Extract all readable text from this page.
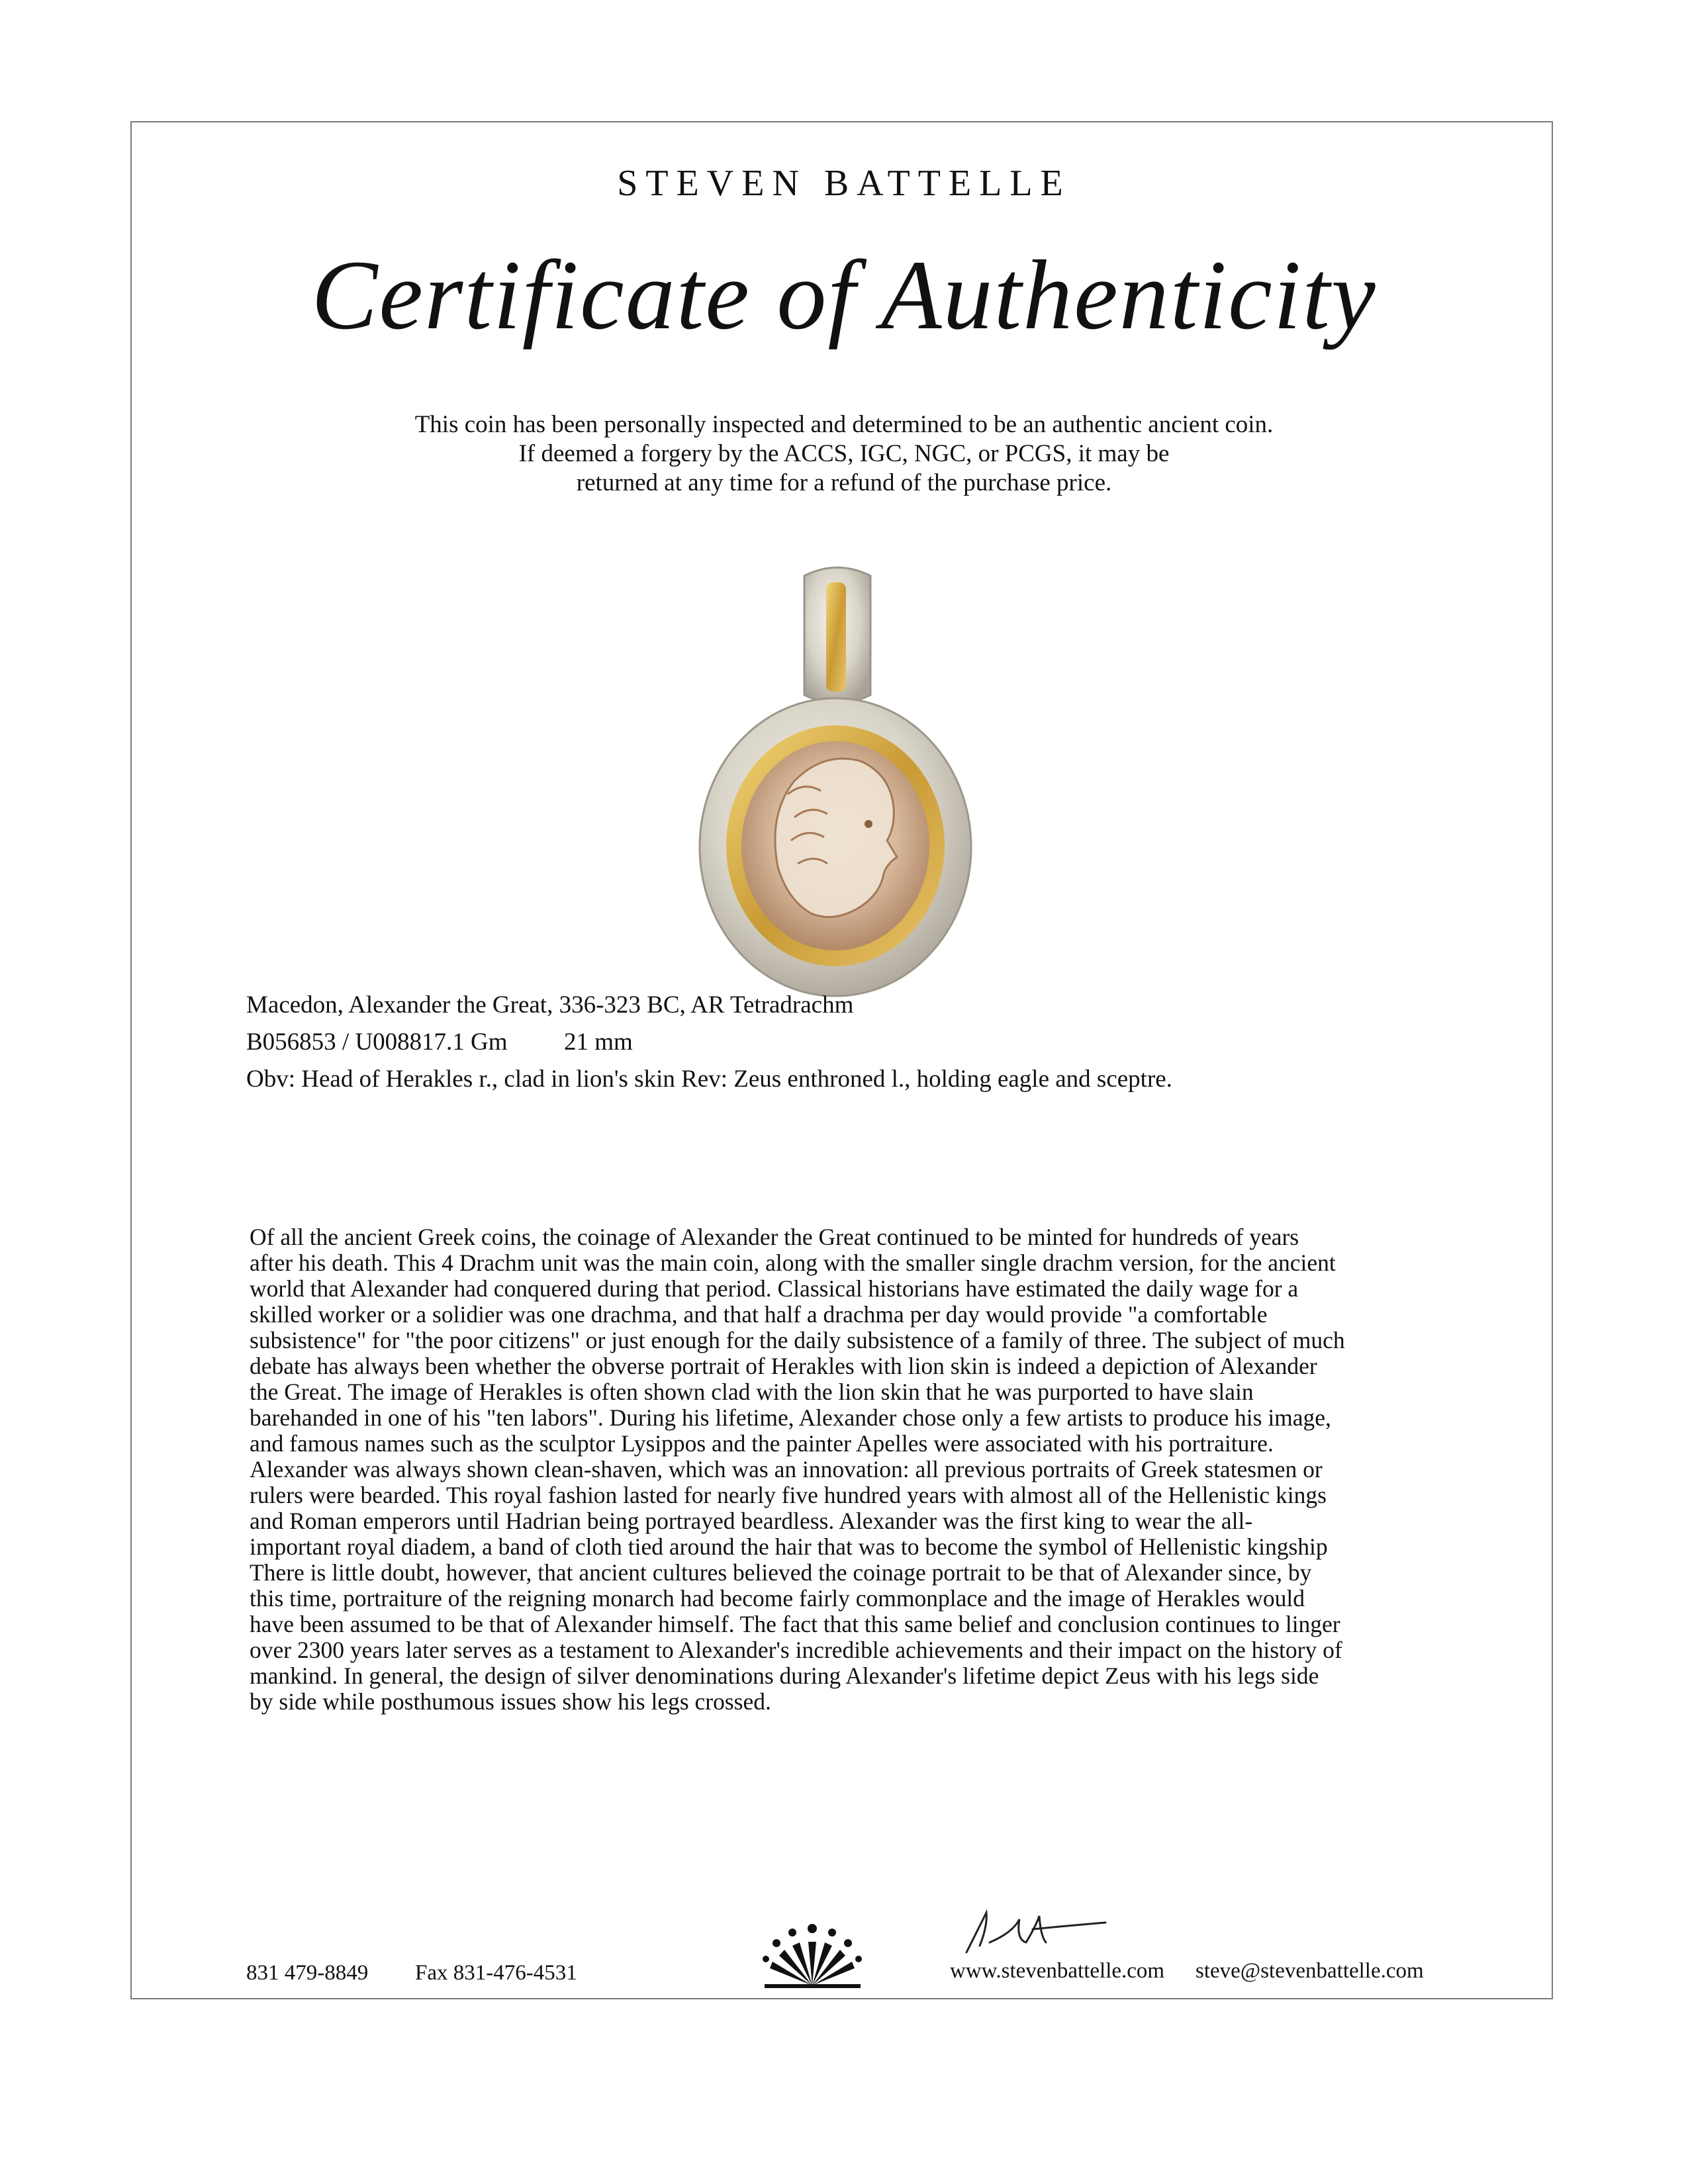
STEVEN BATTELLE
Certificate of Authenticity
This coin has been personally inspected and determined to be an authentic ancient coin.
If deemed a forgery by the ACCS, IGC, NGC, or PCGS, it may be
returned at any time for a refund of the purchase price.
Macedon, Alexander the Great, 336-323 BC, AR Tetradrachm
B056853 / U008817.1 Gm 21 mm
Obv: Head of Herakles r., clad in lion's skin Rev: Zeus enthroned l., holding eagle and sceptre.
Of all the ancient Greek coins, the coinage of Alexander the Great continued to be minted for hundreds of years
after his death. This 4 Drachm unit was the main coin, along with the smaller single drachm version, for the ancient
world that Alexander had conquered during that period. Classical historians have estimated the daily wage for a
skilled worker or a solidier was one drachma, and that half a drachma per day would provide "a comfortable
subsistence" for "the poor citizens" or just enough for the daily subsistence of a family of three. The subject of much
debate has always been whether the obverse portrait of Herakles with lion skin is indeed a depiction of Alexander
the Great. The image of Herakles is often shown clad with the lion skin that he was purported to have slain
barehanded in one of his "ten labors". During his lifetime, Alexander chose only a few artists to produce his image,
and famous names such as the sculptor Lysippos and the painter Apelles were associated with his portraiture.
Alexander was always shown clean-shaven, which was an innovation: all previous portraits of Greek statesmen or
rulers were bearded. This royal fashion lasted for nearly five hundred years with almost all of the Hellenistic kings
and Roman emperors until Hadrian being portrayed beardless. Alexander was the first king to wear the all-
important royal diadem, a band of cloth tied around the hair that was to become the symbol of Hellenistic kingship
There is little doubt, however, that ancient cultures believed the coinage portrait to be that of Alexander since, by
this time, portraiture of the reigning monarch had become fairly commonplace and the image of Herakles would
have been assumed to be that of Alexander himself. The fact that this same belief and conclusion continues to linger
over 2300 years later serves as a testament to Alexander's incredible achievements and their impact on the history of
mankind. In general, the design of silver denominations during Alexander's lifetime depict Zeus with his legs side
by side while posthumous issues show his legs crossed.
831 479-8849 Fax 831-476-4531	www.stevenbattelle.com steve@stevenbattelle.com
